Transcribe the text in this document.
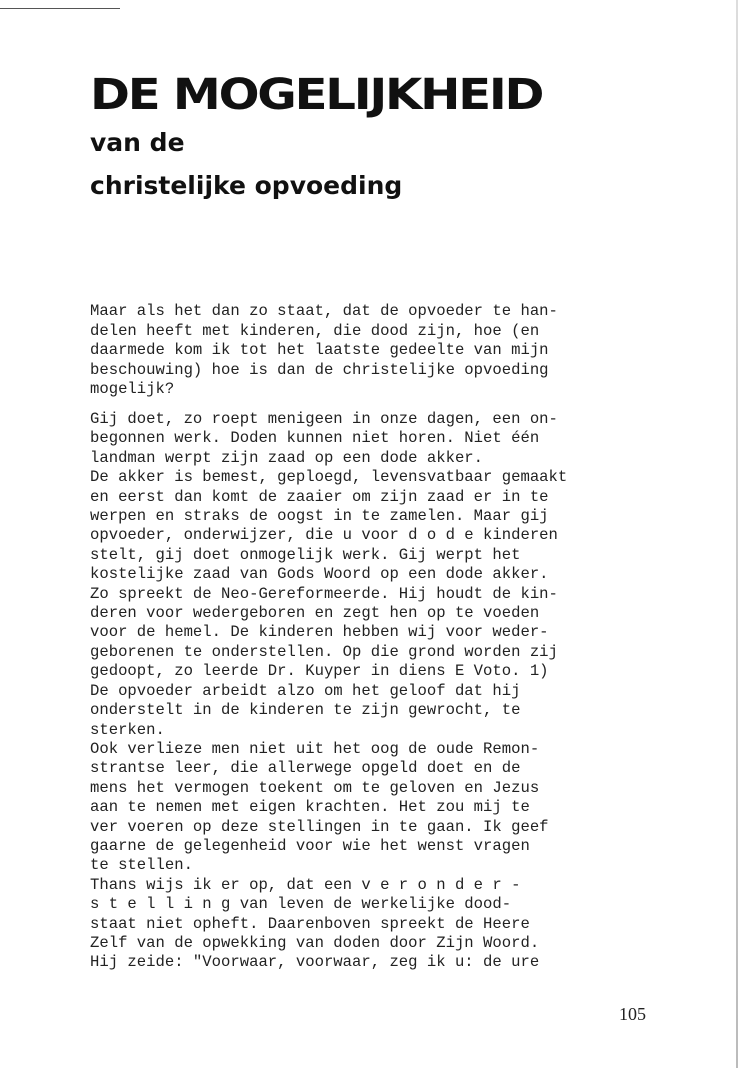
DE MOGELIJKHEID
van de
christelijke opvoeding
Maar als het dan zo staat, dat de opvoeder te han-
delen heeft met kinderen, die dood zijn, hoe (en
daarmede kom ik tot het laatste gedeelte van mijn
beschouwing) hoe is dan de christelijke opvoeding
mogelijk?
Gij doet, zo roept menigeen in onze dagen, een on-
begonnen werk. Doden kunnen niet horen. Niet één
landman werpt zijn zaad op een dode akker.
De akker is bemest, geploegd, levensvatbaar gemaakt
en eerst dan komt de zaaier om zijn zaad er in te
werpen en straks de oogst in te zamelen. Maar gij
opvoeder, onderwijzer, die u voor d o d e kinderen
stelt, gij doet onmogelijk werk. Gij werpt het
kostelijke zaad van Gods Woord op een dode akker.
Zo spreekt de Neo-Gereformeerde. Hij houdt de kin-
deren voor wedergeboren en zegt hen op te voeden
voor de hemel. De kinderen hebben wij voor weder-
geborenen te onderstellen. Op die grond worden zij
gedoopt, zo leerde Dr. Kuyper in diens E Voto. 1)
De opvoeder arbeidt alzo om het geloof dat hij
onderstelt in de kinderen te zijn gewrocht, te
sterken.
Ook verlieze men niet uit het oog de oude Remon-
strantse leer, die allerwege opgeld doet en de
mens het vermogen toekent om te geloven en Jezus
aan te nemen met eigen krachten. Het zou mij te
ver voeren op deze stellingen in te gaan. Ik geef
gaarne de gelegenheid voor wie het wenst vragen
te stellen.
Thans wijs ik er op, dat een v e r o n d e r -
s t e l l i n g van leven de werkelijke dood-
staat niet opheft. Daarenboven spreekt de Heere
Zelf van de opwekking van doden door Zijn Woord.
Hij zeide: "Voorwaar, voorwaar, zeg ik u: de ure
105
